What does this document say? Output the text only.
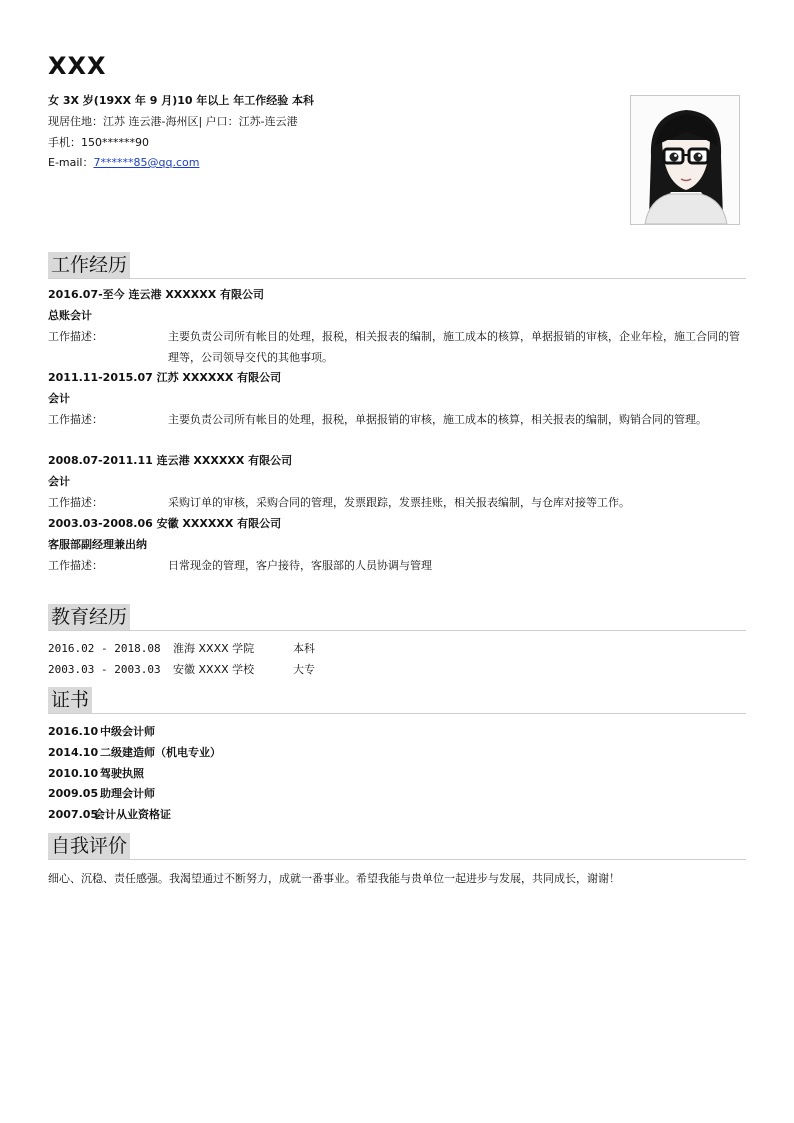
XXX
女 3X 岁(19XX 年 9 月)10 年以上 年工作经验 本科
现居住地：江苏 连云港-海州区| 户口：江苏-连云港
手机：150******90
E-mail：7******85@qq.com
工作经历
2016.07-至今 连云港 XXXXXX 有限公司
总账会计
工作描述：	主要负责公司所有帐目的处理，报税，相关报表的编制，施工成本的核算，单据报销的审核，企业年检，施工合同的管理等，公司领导交代的其他事项。
2011.11-2015.07 江苏 XXXXXX 有限公司
会计
工作描述：	主要负责公司所有帐目的处理，报税，单据报销的审核，施工成本的核算，相关报表的编制，购销合同的管理。
2008.07-2011.11 连云港 XXXXXX 有限公司
会计
工作描述：	采购订单的审核，采购合同的管理，发票跟踪，发票挂账，相关报表编制，与仓库对接等工作。
2003.03-2008.06 安徽 XXXXXX 有限公司
客服部副经理兼出纳
工作描述：	日常现金的管理，客户接待，客服部的人员协调与管理
教育经历
2016.02 - 2018.08 淮海 XXXX 学院	本科
2003.03 - 2003.03 安徽 XXXX 学校	大专
证书
2016.10 中级会计师
2014.10 二级建造师（机电专业）
2010.10 驾驶执照
2009.05 助理会计师
2007.05会计从业资格证
自我评价
细心、沉稳、责任感强。我渴望通过不断努力，成就一番事业。希望我能与贵单位一起进步与发展，共同成长，谢谢！
